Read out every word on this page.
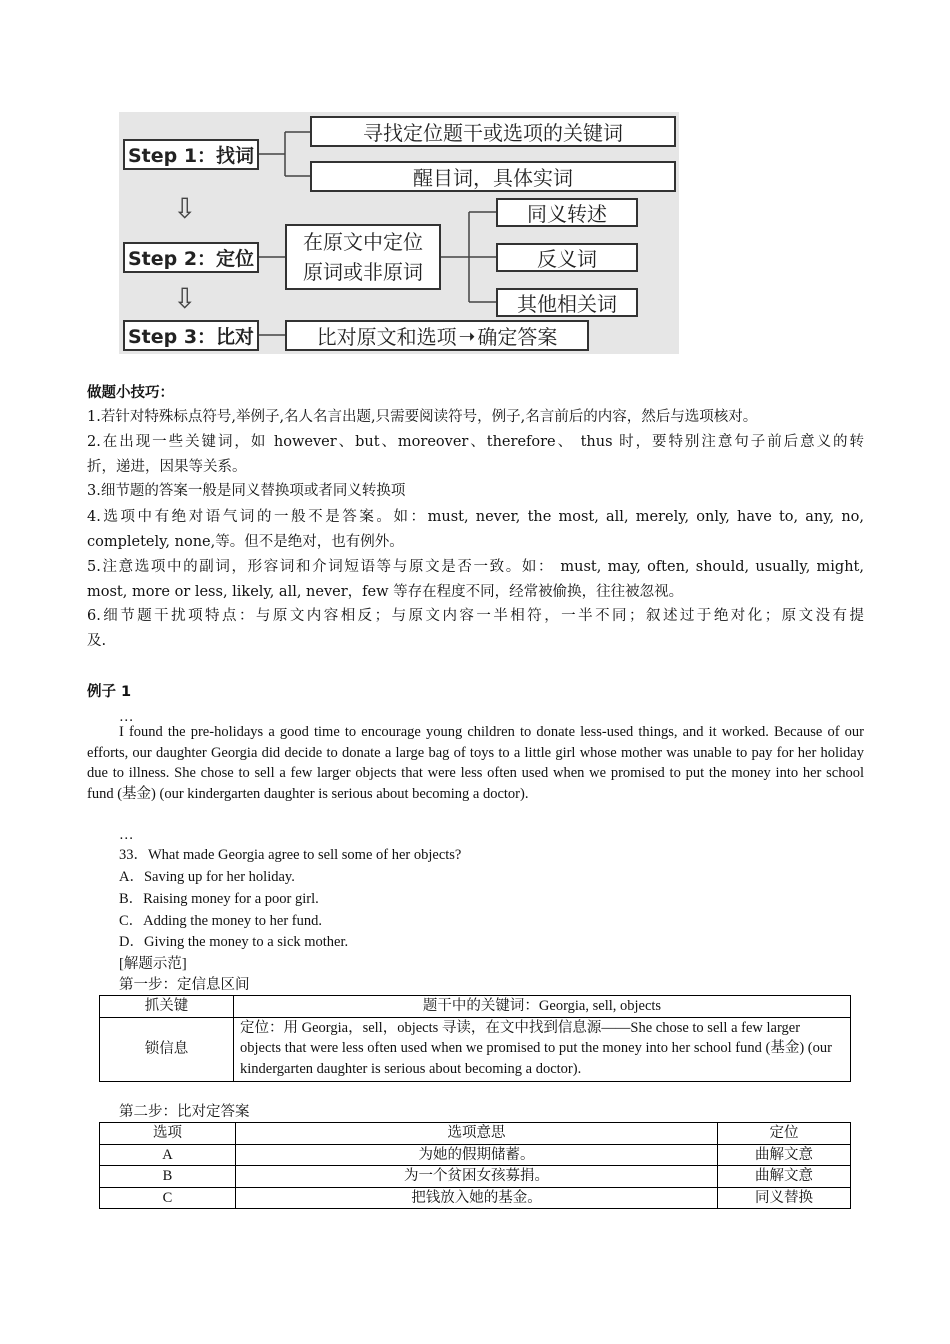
Step 1：找词
寻找定位题干或选项的关键词
醒目词，具体实词
⇩
Step 2：定位
在原文中定位
原词或非原词
同义转述
反义词
其他相关词
⇩
Step 3：比对	比对原文和选项 ➝ 确定答案
做题小技巧：
1.若针对特殊标点符号,举例子,名人名言出题,只需要阅读符号，例子,名言前后的内容，然后与选项核对。
2.在出现一些关键词，如 however、but、moreover、therefore、 thus 时，要特别注意句子前后意义的转
折，递进，因果等关系。
3.细节题的答案一般是同义替换项或者同义转换项
4.选项中有绝对语气词的一般不是答案。如：must, never, the most, all, merely, only, have to, any, no,
completely, none,等。但不是绝对，也有例外。
5.注意选项中的副词，形容词和介词短语等与原文是否一致。如： must, may, often, should, usually, might,
most, more or less, likely, all, never，few 等存在程度不同，经常被偷换，往往被忽视。
6.细节题干扰项特点：与原文内容相反；与原文内容一半相符，一半不同；叙述过于绝对化；原文没有提
及.
例子 1
…
I found the pre-holidays a good time to encourage young children to donate less-used things, and it worked. Because of our efforts, our daughter Georgia did decide to donate a large bag of toys to a little girl whose mother was unable to pay for her holiday due to illness. She chose to sell a few larger objects that were less often used when we promised to put the money into her school fund (基金) (our kindergarten daughter is serious about becoming a doctor).
…
33．What made Georgia agree to sell some of her objects?
A．Saving up for her holiday.
B．Raising money for a poor girl.
C．Adding the money to her fund.
D．Giving the money to a sick mother.
[解题示范]
第一步：定信息区间
抓关键	题干中的关键词：Georgia, sell, objects
锁信息	定位：用 Georgia，sell，objects 寻读，在文中找到信息源——She chose to sell a few larger objects that were less often used when we promised to put the money into her school fund (基金) (our kindergarten daughter is serious about becoming a doctor).
第二步：比对定答案
选项	选项意思	定位
A	为她的假期储蓄。	曲解文意
B	为一个贫困女孩募捐。	曲解文意
C	把钱放入她的基金。	同义替换
